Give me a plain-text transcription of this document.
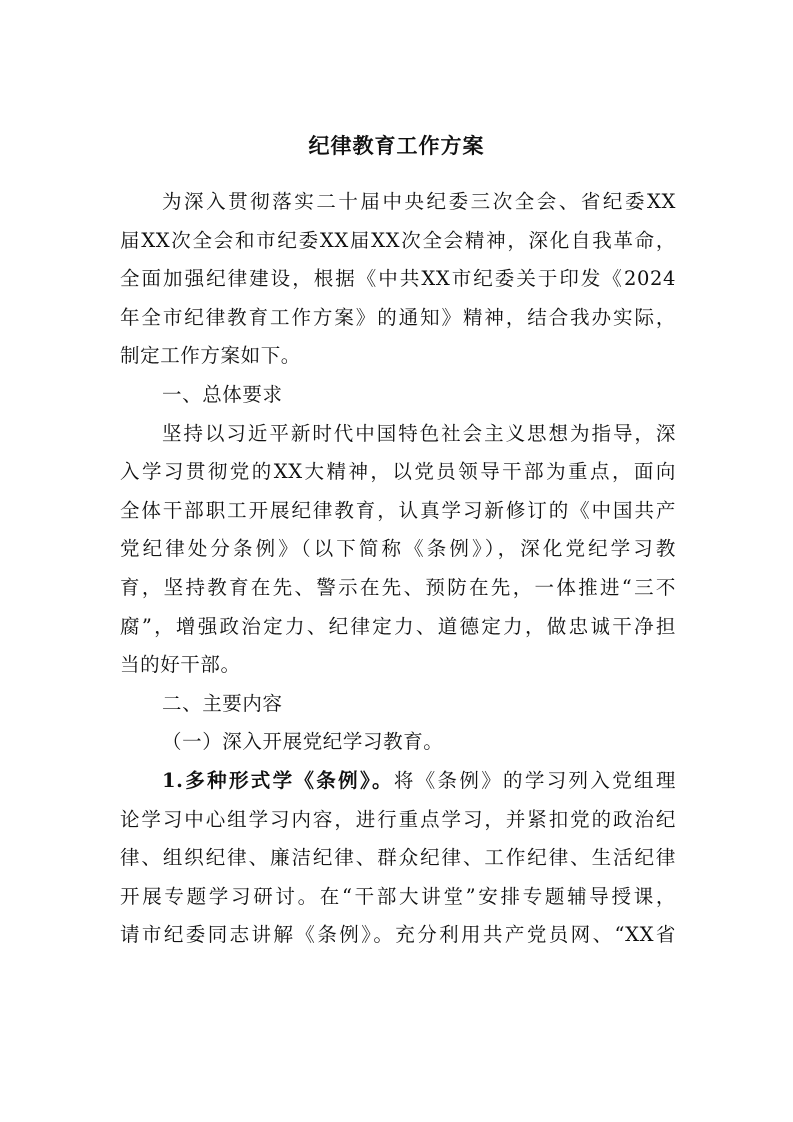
纪律教育工作方案
为深入贯彻落实二十届中央纪委三次全会、省纪委XX
届XX次全会和市纪委XX届XX次全会精神，深化自我革命，
全面加强纪律建设，根据《中共XX市纪委关于印发《2024
年全市纪律教育工作方案》的通知》精神，结合我办实际，
制定工作方案如下。
一、总体要求
坚持以习近平新时代中国特色社会主义思想为指导，深
入学习贯彻党的XX大精神，以党员领导干部为重点，面向
全体干部职工开展纪律教育，认真学习新修订的《中国共产
党纪律处分条例》（以下简称《条例》），深化党纪学习教
育，坚持教育在先、警示在先、预防在先，一体推进“三不
腐”，增强政治定力、纪律定力、道德定力，做忠诚干净担
当的好干部。
二、主要内容
（一）深入开展党纪学习教育。
1.多种形式学《条例》。将《条例》的学习列入党组理
论学习中心组学习内容，进行重点学习，并紧扣党的政治纪
律、组织纪律、廉洁纪律、群众纪律、工作纪律、生活纪律
开展专题学习研讨。在“干部大讲堂”安排专题辅导授课，
请市纪委同志讲解《条例》。充分利用共产党员网、“XX省
